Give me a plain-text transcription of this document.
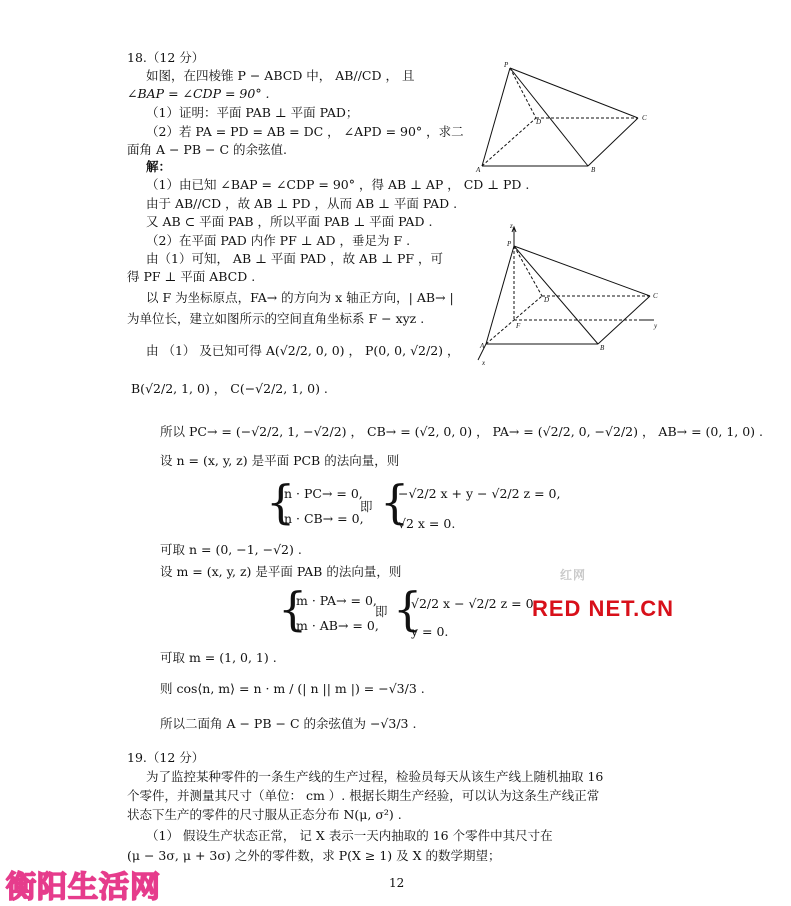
18.（12 分）
如图，在四棱锥 P − ABCD 中， AB//CD ， 且
∠BAP = ∠CDP = 90° .
（1）证明：平面 PAB ⊥ 平面 PAD；
（2）若 PA = PD = AB = DC ， ∠APD = 90° ，求二
面角 A − PB − C 的余弦值.
解：
（1）由已知 ∠BAP = ∠CDP = 90° ，得 AB ⊥ AP ， CD ⊥ PD .
由于 AB//CD ，故 AB ⊥ PD ，从而 AB ⊥ 平面 PAD .
又 AB ⊂ 平面 PAB ，所以平面 PAB ⊥ 平面 PAD .
（2）在平面 PAD 内作 PF ⊥ AD ，垂足为 F .
由（1）可知， AB ⊥ 平面 PAD ，故 AB ⊥ PF ，可
得 PF ⊥ 平面 ABCD .
以 F 为坐标原点，FA→ 的方向为 x 轴正方向，| AB→ |
为单位长，建立如图所示的空间直角坐标系 F − xyz .
由 （1） 及已知可得 A(√2/2, 0, 0) ， P(0, 0, √2/2) ，
B(√2/2, 1, 0) ， C(−√2/2, 1, 0) .
所以 PC→ = (−√2/2, 1, −√2/2) ， CB→ = (√2, 0, 0) ， PA→ = (√2/2, 0, −√2/2) ， AB→ = (0, 1, 0) .
设 n = (x, y, z) 是平面 PCB 的法向量，则
{
n · PC→ = 0,
n · CB→ = 0,
即 {
−√2/2 x + y − √2/2 z = 0,
√2 x = 0.
可取 n = (0, −1, −√2) .
设 m = (x, y, z) 是平面 PAB 的法向量，则
{
m · PA→ = 0,
m · AB→ = 0,
即 {
√2/2 x − √2/2 z = 0,
y = 0.
可取 m = (1, 0, 1) .
则 cos⟨n, m⟩ = n · m / (| n || m |) = −√3/3 .
所以二面角 A − PB − C 的余弦值为 −√3/3 .
19.（12 分）
为了监控某种零件的一条生产线的生产过程，检验员每天从该生产线上随机抽取 16
个零件，并测量其尺寸（单位： cm ）. 根据长期生产经验，可以认为这条生产线正常
状态下生产的零件的尺寸服从正态分布 N(μ, σ²) .
（1） 假设生产状态正常， 记 X 表示一天内抽取的 16 个零件中其尺寸在
(μ − 3σ, μ + 3σ) 之外的零件数，求 P(X ≥ 1) 及 X 的数学期望；
P
A	B
C
D
z
P
A	B
C
D
F
x
y
红网
RED NET.CN
衡阳生活网	12
